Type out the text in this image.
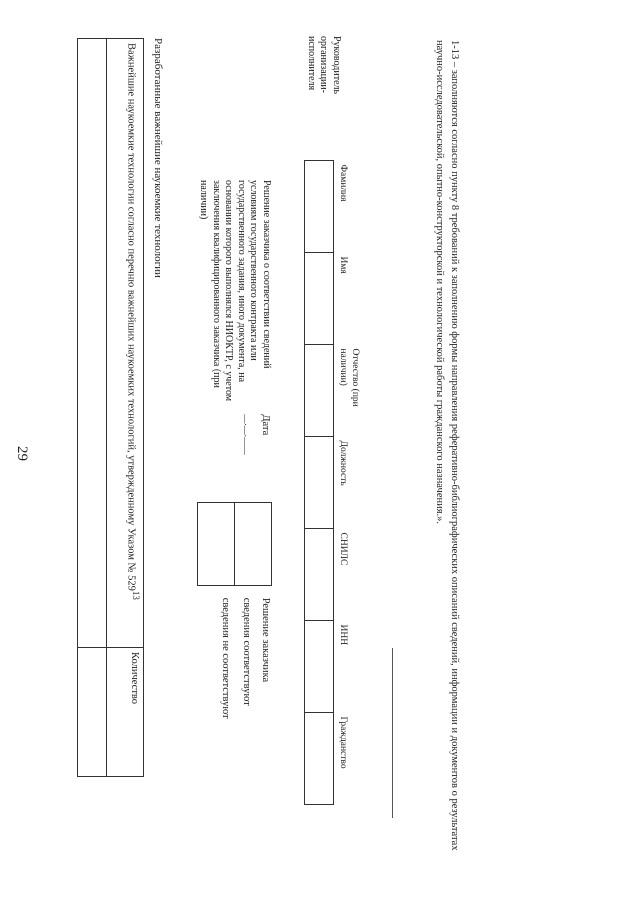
29
Разработанные важнейшие наукоемкие технологии
Важнейшие наукоемкие технологии согласно перечню важнейших наукоемких технологий, утвержденному Указом № $529^{13}$	Количество

Решение заказчика о соответствии сведений условиям государственного контракта или государственного задания, иного документа, на основании которого выполнялся НИОКТР, с учетом заключения квалифицированного заказчика (при наличии)
Дата
__.__.____

Решение заказчика
сведения соответствуют
сведения не соответствуют
Руководитель организации-исполнителя
Фамилия	Имя	Отчество (при наличии)	Должность	СНИЛС	ИНН	Гражданство
							1-13 – заполняются согласно пункту 8 требований к заполнению формы направления реферативно-библиографических описаний сведений, информации и документов о результатах научно-исследовательской, опытно-конструкторской и технологической работы гражданского назначения.».
